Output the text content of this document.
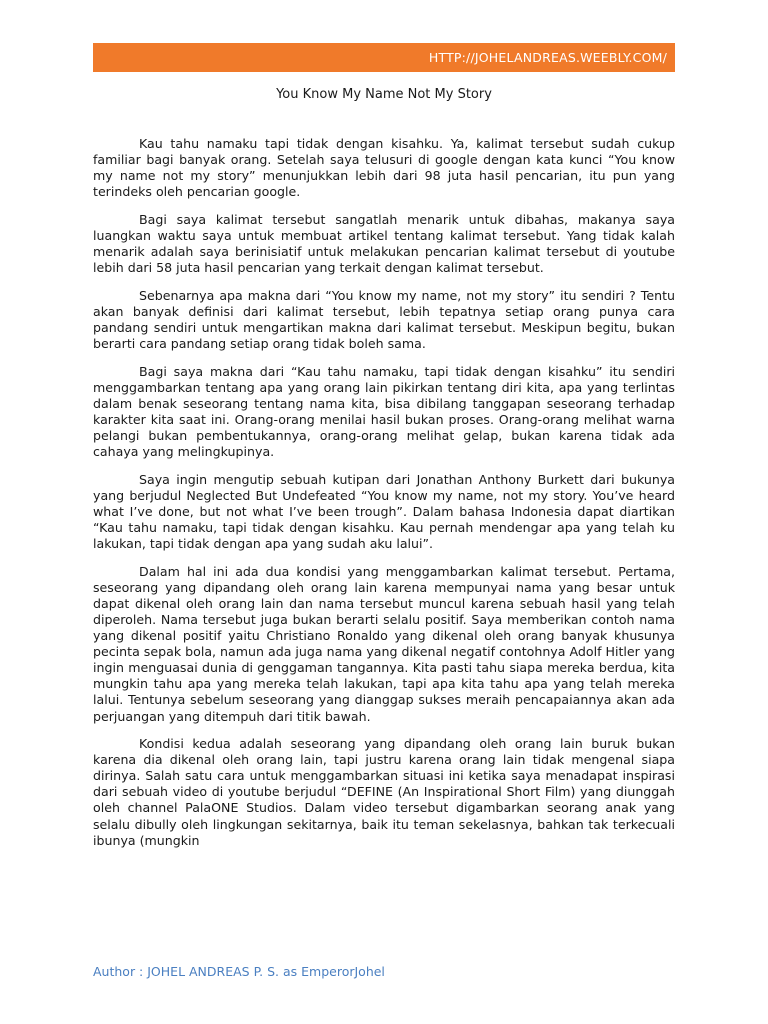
HTTP://JOHELANDREAS.WEEBLY.COM/
You Know My Name Not My Story

Kau tahu namaku tapi tidak dengan kisahku. Ya, kalimat tersebut sudah cukup familiar bagi banyak orang. Setelah saya telusuri di google dengan kata kunci “You know my name not my story” menunjukkan lebih dari 98 juta hasil pencarian, itu pun yang terindeks oleh pencarian google.

Bagi saya kalimat tersebut sangatlah menarik untuk dibahas, makanya saya luangkan waktu saya untuk membuat artikel tentang kalimat tersebut. Yang tidak kalah menarik adalah saya berinisiatif untuk melakukan pencarian kalimat tersebut di youtube lebih dari 58 juta hasil pencarian yang terkait dengan kalimat tersebut.

Sebenarnya apa makna dari “You know my name, not my story” itu sendiri ? Tentu akan banyak definisi dari kalimat tersebut, lebih tepatnya setiap orang punya cara pandang sendiri untuk mengartikan makna dari kalimat tersebut. Meskipun begitu, bukan berarti cara pandang setiap orang tidak boleh sama.

Bagi saya makna dari “Kau tahu namaku, tapi tidak dengan kisahku” itu sendiri menggambarkan tentang apa yang orang lain pikirkan tentang diri kita, apa yang terlintas dalam benak seseorang tentang nama kita, bisa dibilang tanggapan seseorang terhadap karakter kita saat ini. Orang-orang menilai hasil bukan proses. Orang-orang melihat warna pelangi bukan pembentukannya, orang-orang melihat gelap, bukan karena tidak ada cahaya yang melingkupinya.

Saya ingin mengutip sebuah kutipan dari Jonathan Anthony Burkett dari bukunya yang berjudul Neglected But Undefeated “You know my name, not my story. You’ve heard what I’ve done, but not what I’ve been trough”. Dalam bahasa Indonesia dapat diartikan “Kau tahu namaku, tapi tidak dengan kisahku. Kau pernah mendengar apa yang telah ku lakukan, tapi tidak dengan apa yang sudah aku lalui”.

Dalam hal ini ada dua kondisi yang menggambarkan kalimat tersebut. Pertama, seseorang yang dipandang oleh orang lain karena mempunyai nama yang besar untuk dapat dikenal oleh orang lain dan nama tersebut muncul karena sebuah hasil yang telah diperoleh. Nama tersebut juga bukan berarti selalu positif. Saya memberikan contoh nama yang dikenal positif yaitu Christiano Ronaldo yang dikenal oleh orang banyak khusunya pecinta sepak bola, namun ada juga nama yang dikenal negatif contohnya Adolf Hitler yang ingin menguasai dunia di genggaman tangannya. Kita pasti tahu siapa mereka berdua, kita mungkin tahu apa yang mereka telah lakukan, tapi apa kita tahu apa yang telah mereka lalui. Tentunya sebelum seseorang yang dianggap sukses meraih pencapaiannya akan ada perjuangan yang ditempuh dari titik bawah.

Kondisi kedua adalah seseorang yang dipandang oleh orang lain buruk bukan karena dia dikenal oleh orang lain, tapi justru karena orang lain tidak mengenal siapa dirinya. Salah satu cara untuk menggambarkan situasi ini ketika saya menadapat inspirasi dari sebuah video di youtube berjudul “DEFINE (An Inspirational Short Film) yang diunggah oleh channel PalaONE Studios. Dalam video tersebut digambarkan seorang anak yang selalu dibully oleh lingkungan sekitarnya, baik itu teman sekelasnya, bahkan tak terkecuali ibunya (mungkin

Author : JOHEL ANDREAS P. S. as EmperorJohel
